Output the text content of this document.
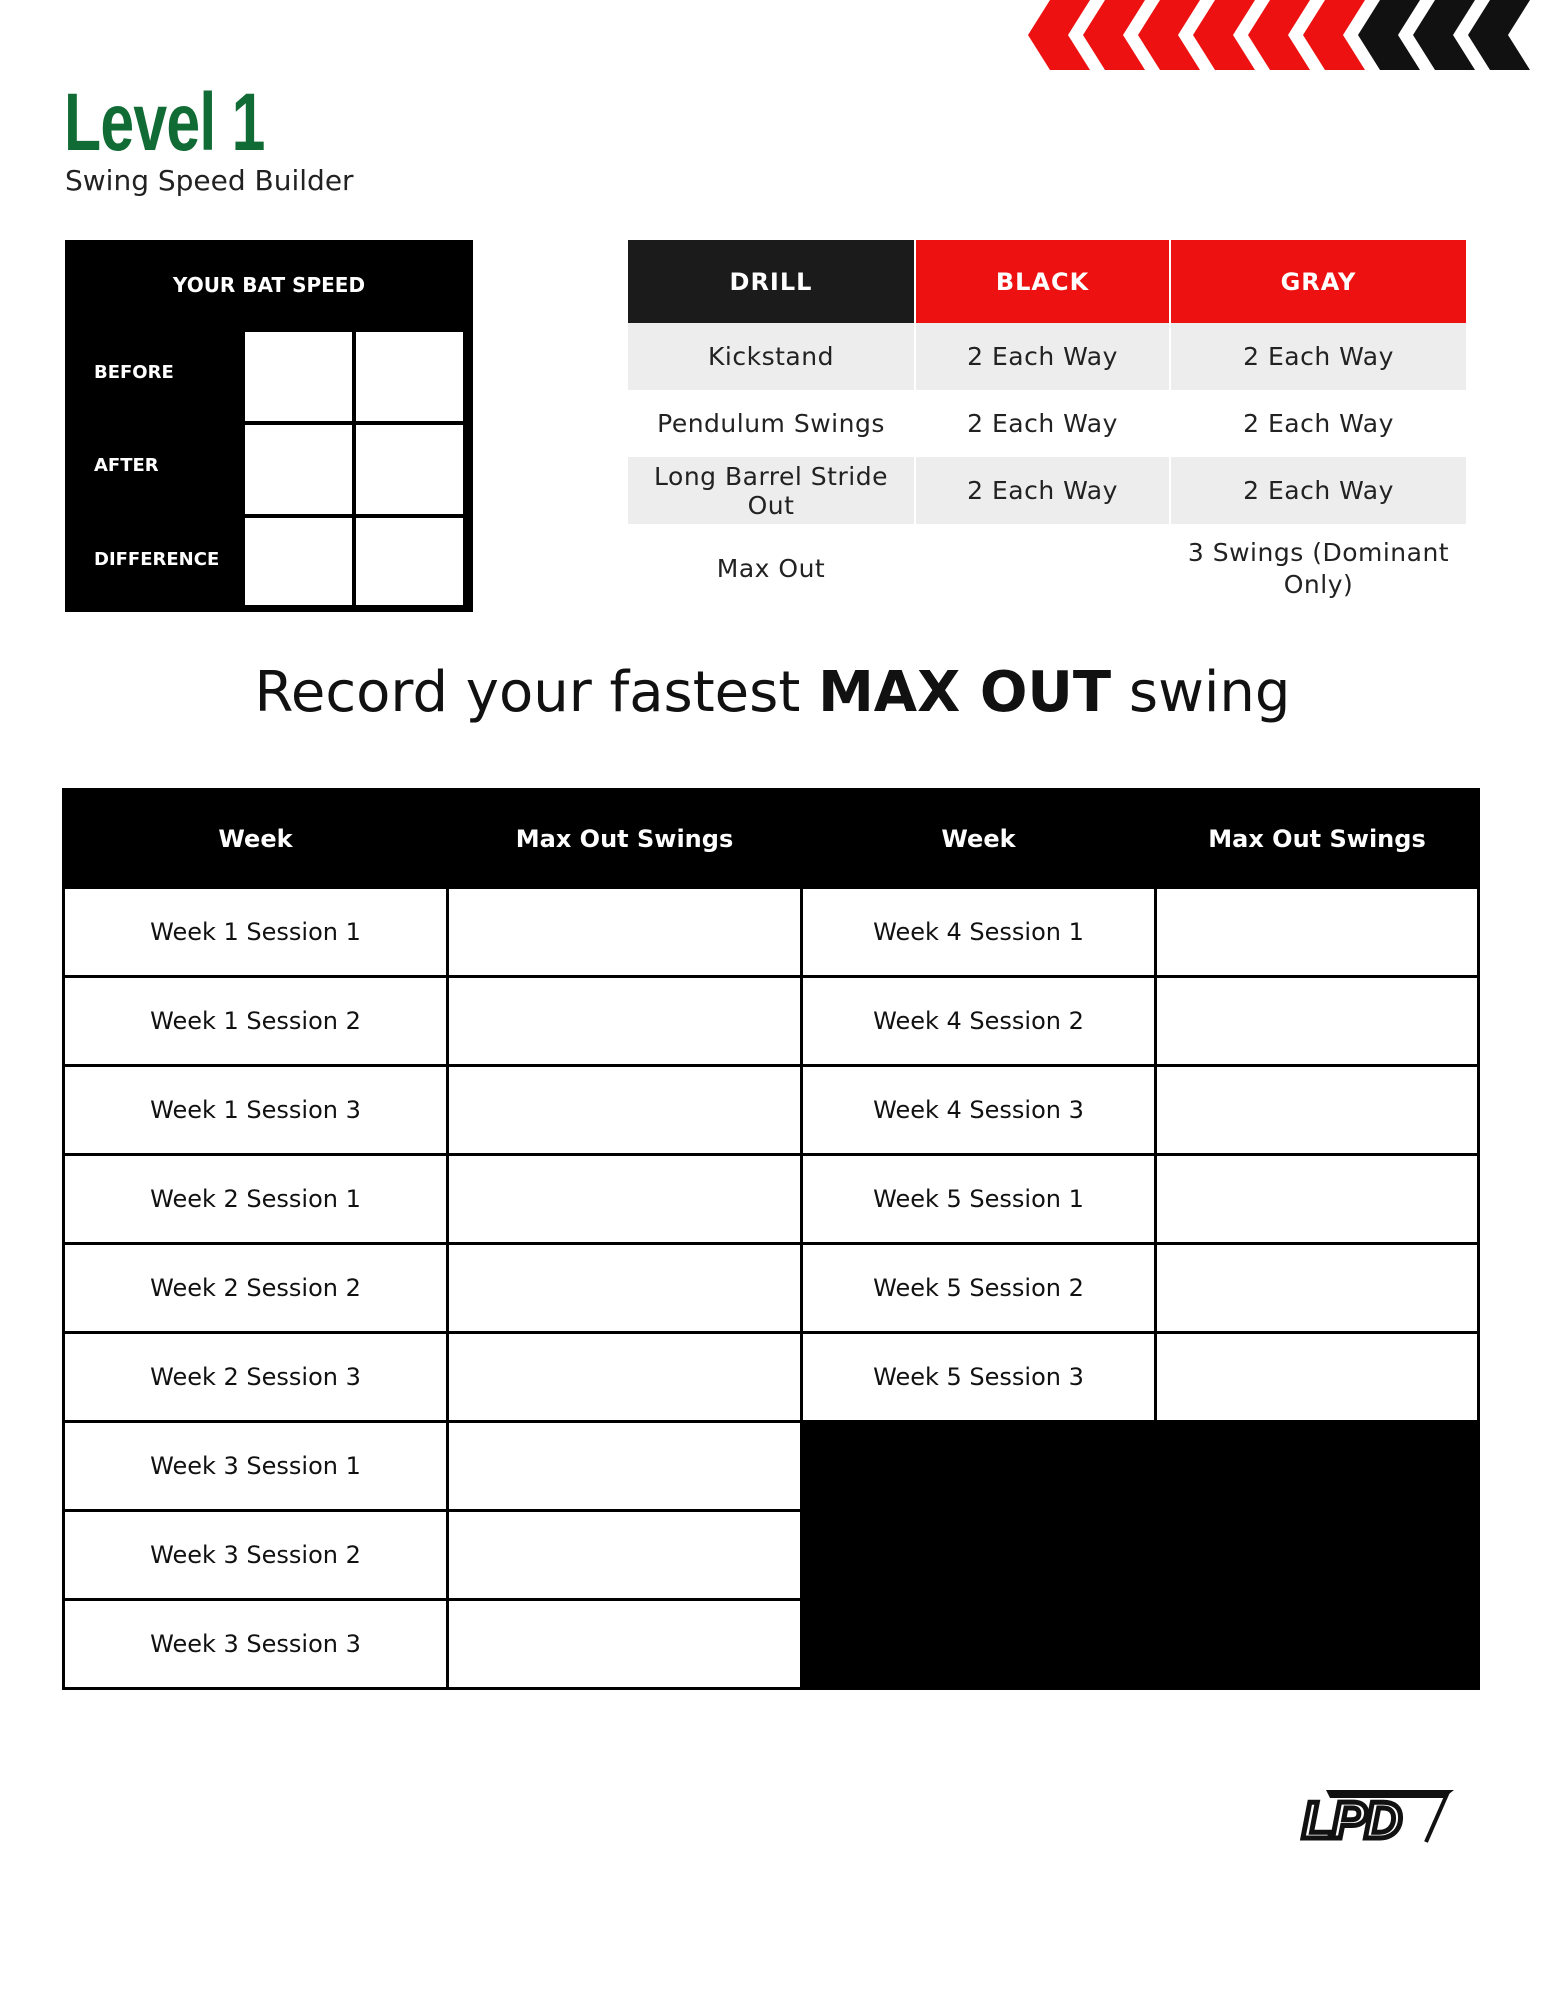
Level 1
Swing Speed Builder
YOUR BAT SPEED
BEFORE
AFTER
DIFFERENCE
DRILL	BLACK	GRAY
Kickstand	2 Each Way	2 Each Way
Pendulum Swings	2 Each Way	2 Each Way
Long Barrel Stride Out	2 Each Way	2 Each Way
Max Out		3 Swings (Dominant Only)
Record your fastest MAX OUT swing
Week	Max Out Swings	Week	Max Out Swings
Week 1 Session 1		Week 4 Session 1	
Week 1 Session 2		Week 4 Session 2	
Week 1 Session 3		Week 4 Session 3	
Week 2 Session 1		Week 5 Session 1	
Week 2 Session 2		Week 5 Session 2	
Week 2 Session 3		Week 5 Session 3	
Week 3 Session 1			
Week 3 Session 2			
Week 3 Session 3			
LPD
